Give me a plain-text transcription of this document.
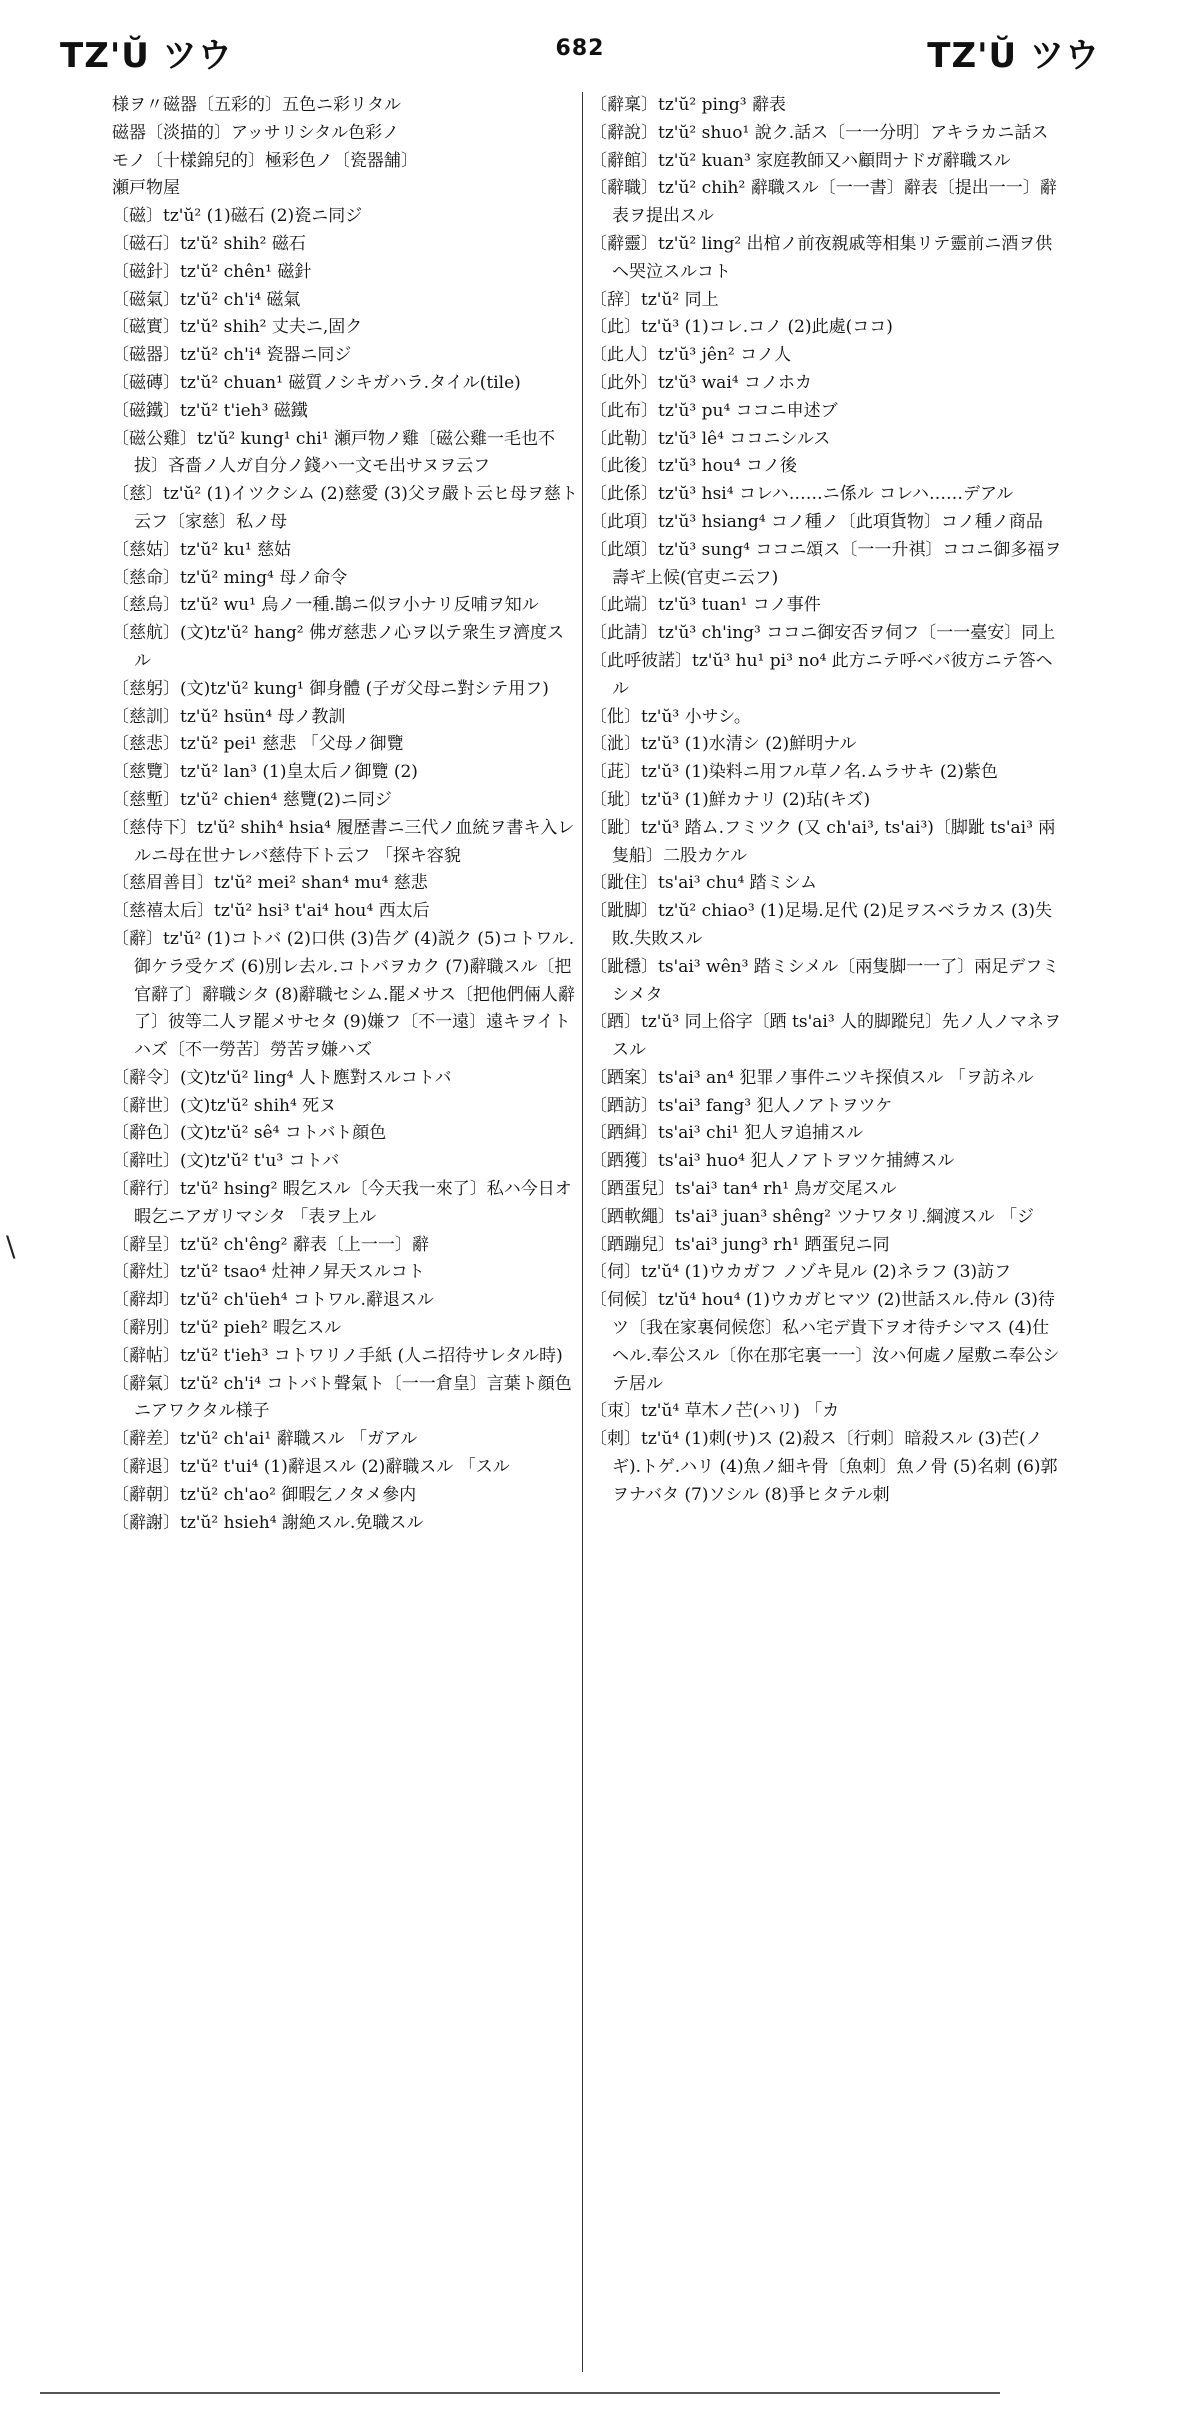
TZ'Ŭ ツウ	682	TZ'Ŭ ツウ

様ヲ〃磁器〔五彩的〕五色ニ彩リタル

磁器〔淡描的〕アッサリシタル色彩ノ

モノ〔十樣錦兒的〕極彩色ノ〔瓷器舗〕

瀬戸物屋

〔磁〕tz'ŭ² (1)磁石 (2)瓷ニ同ジ

〔磁石〕tz'ŭ² shih² 磁石

〔磁針〕tz'ŭ² chên¹ 磁針

〔磁氣〕tz'ŭ² ch'i⁴ 磁氣

〔磁實〕tz'ŭ² shih² 丈夫ニ,固ク

〔磁器〕tz'ŭ² ch'i⁴ 瓷器ニ同ジ

〔磁磚〕tz'ŭ² chuan¹ 磁質ノシキガハラ.タイル(tile)

〔磁鐵〕tz'ŭ² t'ieh³ 磁鐵

〔磁公雞〕tz'ŭ² kung¹ chi¹ 瀬戸物ノ雞〔磁公雞一毛也不拔〕吝嗇ノ人ガ自分ノ錢ハ一文モ出サヌヲ云フ

〔慈〕tz'ŭ² (1)イツクシム (2)慈愛 (3)父ヲ嚴ト云ヒ母ヲ慈ト云フ〔家慈〕私ノ母

〔慈姑〕tz'ŭ² ku¹ 慈姑

〔慈命〕tz'ŭ² ming⁴ 母ノ命令

〔慈烏〕tz'ŭ² wu¹ 烏ノ一種.鵲ニ似ヲ小ナリ反哺ヲ知ル

〔慈航〕(文)tz'ŭ² hang² 佛ガ慈悲ノ心ヲ以テ衆生ヲ濟度スル

〔慈躬〕(文)tz'ŭ² kung¹ 御身體 (子ガ父母ニ對シテ用フ)

〔慈訓〕tz'ŭ² hsün⁴ 母ノ教訓

〔慈悲〕tz'ŭ² pei¹ 慈悲 「父母ノ御覽

〔慈覽〕tz'ŭ² lan³ (1)皇太后ノ御覽 (2)

〔慈塹〕tz'ŭ² chien⁴ 慈覽(2)ニ同ジ

〔慈侍下〕tz'ŭ² shih⁴ hsia⁴ 履歴書ニ三代ノ血統ヲ書キ入レルニ母在世ナレバ慈侍下ト云フ 「探キ容貌

〔慈眉善目〕tz'ŭ² mei² shan⁴ mu⁴ 慈悲

〔慈禧太后〕tz'ŭ² hsi³ t'ai⁴ hou⁴ 西太后

〔辭〕tz'ŭ² (1)コトバ (2)口供 (3)告グ (4)説ク (5)コトワル.御ケラ受ケズ (6)別レ去ル.コトバヲカク (7)辭職スル〔把官辭了〕辭職シタ (8)辭職セシム.罷メサス〔把他們倆人辭了〕彼等二人ヲ罷メサセタ (9)嫌フ〔不一遠〕遠キヲイトハズ〔不一勞苦〕勞苦ヲ嫌ハズ

〔辭令〕(文)tz'ŭ² ling⁴ 人ト應對スルコトバ

〔辭世〕(文)tz'ŭ² shih⁴ 死ヌ

〔辭色〕(文)tz'ŭ² sê⁴ コトバト顔色

〔辭吐〕(文)tz'ŭ² t'u³ コトバ

〔辭行〕tz'ŭ² hsing² 暇乞スル〔今天我一來了〕私ハ今日オ暇乞ニアガリマシタ 「表ヲ上ル

〔辭呈〕tz'ŭ² ch'êng² 辭表〔上一一〕辭

〔辭灶〕tz'ŭ² tsao⁴ 灶神ノ昇天スルコト

〔辭却〕tz'ŭ² ch'üeh⁴ コトワル.辭退スル

〔辭別〕tz'ŭ² pieh² 暇乞スル

〔辭帖〕tz'ŭ² t'ieh³ コトワリノ手紙 (人ニ招待サレタル時)

〔辭氣〕tz'ŭ² ch'i⁴ コトバト聲氣ト〔一一倉皇〕言葉ト顔色ニアワクタル様子

〔辭差〕tz'ŭ² ch'ai¹ 辭職スル 「ガアル

〔辭退〕tz'ŭ² t'ui⁴ (1)辭退スル (2)辭職スル 「スル

〔辭朝〕tz'ŭ² ch'ao² 御暇乞ノタメ參内

〔辭謝〕tz'ŭ² hsieh⁴ 謝絶スル.免職スル

〔辭稟〕tz'ŭ² ping³ 辭表

〔辭說〕tz'ŭ² shuo¹ 說ク.話ス〔一一分明〕アキラカニ話ス

〔辭館〕tz'ŭ² kuan³ 家庭教師又ハ顧問ナドガ辭職スル

〔辭職〕tz'ŭ² chih² 辭職スル〔一一書〕辭表〔提出一一〕辭表ヲ提出スル

〔辭靈〕tz'ŭ² ling² 出棺ノ前夜親戚等相集リテ靈前ニ酒ヲ供ヘ哭泣スルコト

〔辞〕tz'ŭ² 同上

〔此〕tz'ŭ³ (1)コレ.コノ (2)此處(ココ)

〔此人〕tz'ŭ³ jên² コノ人

〔此外〕tz'ŭ³ wai⁴ コノホカ

〔此布〕tz'ŭ³ pu⁴ ココニ申述ブ

〔此勒〕tz'ŭ³ lê⁴ ココニシルス

〔此後〕tz'ŭ³ hou⁴ コノ後

〔此係〕tz'ŭ³ hsi⁴ コレハ……ニ係ル コレハ……デアル

〔此項〕tz'ŭ³ hsiang⁴ コノ種ノ〔此項貨物〕コノ種ノ商品

〔此頌〕tz'ŭ³ sung⁴ ココニ頌ス〔一一升祺〕ココニ御多福ヲ壽ギ上候(官吏ニ云フ)

〔此端〕tz'ŭ³ tuan¹ コノ事件

〔此請〕tz'ŭ³ ch'ing³ ココニ御安否ヲ伺フ〔一一臺安〕同上

〔此呼彼諾〕tz'ŭ³ hu¹ pi³ no⁴ 此方ニテ呼ベバ彼方ニテ答ヘル

〔仳〕tz'ŭ³ 小サシ。

〔泚〕tz'ŭ³ (1)水清シ (2)鮮明ナル

〔茈〕tz'ŭ³ (1)染料ニ用フル草ノ名.ムラサキ (2)紫色

〔玼〕tz'ŭ³ (1)鮮カナリ (2)玷(キズ)

〔跐〕tz'ŭ³ 踏ム.フミツク (又 ch'ai³, ts'ai³)〔脚跐 ts'ai³ 兩隻船〕二股カケル

〔跐住〕ts'ai³ chu⁴ 踏ミシム

〔跐脚〕tz'ŭ² chiao³ (1)足場.足代 (2)足ヲスベラカス (3)失敗.失敗スル

〔跐穩〕ts'ai³ wên³ 踏ミシメル〔兩隻脚一一了〕兩足デフミシメタ

〔跴〕tz'ŭ³ 同上俗字〔跴 ts'ai³ 人的脚蹤兒〕先ノ人ノマネヲスル

〔跴案〕ts'ai³ an⁴ 犯罪ノ事件ニツキ探偵スル 「ヲ訪ネル

〔跴訪〕ts'ai³ fang³ 犯人ノアトヲツケ

〔跴緝〕ts'ai³ chi¹ 犯人ヲ追捕スル

〔跴獲〕ts'ai³ huo⁴ 犯人ノアトヲツケ捕縛スル

〔跴蛋兒〕ts'ai³ tan⁴ rh¹ 鳥ガ交尾スル

〔跴軟繩〕ts'ai³ juan³ shêng² ツナワタリ.綱渡スル 「ジ

〔跴蹦兒〕ts'ai³ jung³ rh¹ 跴蛋兒ニ同

〔伺〕tz'ŭ⁴ (1)ウカガフ ノゾキ見ル (2)ネラフ (3)訪フ

〔伺候〕tz'ŭ⁴ hou⁴ (1)ウカガヒマツ (2)世話スル.侍ル (3)待ツ〔我在家裏伺候您〕私ハ宅デ貴下ヲオ待チシマス (4)仕ヘル.奉公スル〔你在那宅裏一一〕汝ハ何處ノ屋敷ニ奉公シテ居ル

〔朿〕tz'ŭ⁴ 草木ノ芒(ハリ) 「カ

〔刺〕tz'ŭ⁴ (1)刺(サ)ス (2)殺ス〔行刺〕暗殺スル (3)芒(ノギ).トゲ.ハリ (4)魚ノ細キ骨〔魚刺〕魚ノ骨 (5)名刺 (6)郭ヲナバタ (7)ソシル (8)爭ヒタテル刺

\
